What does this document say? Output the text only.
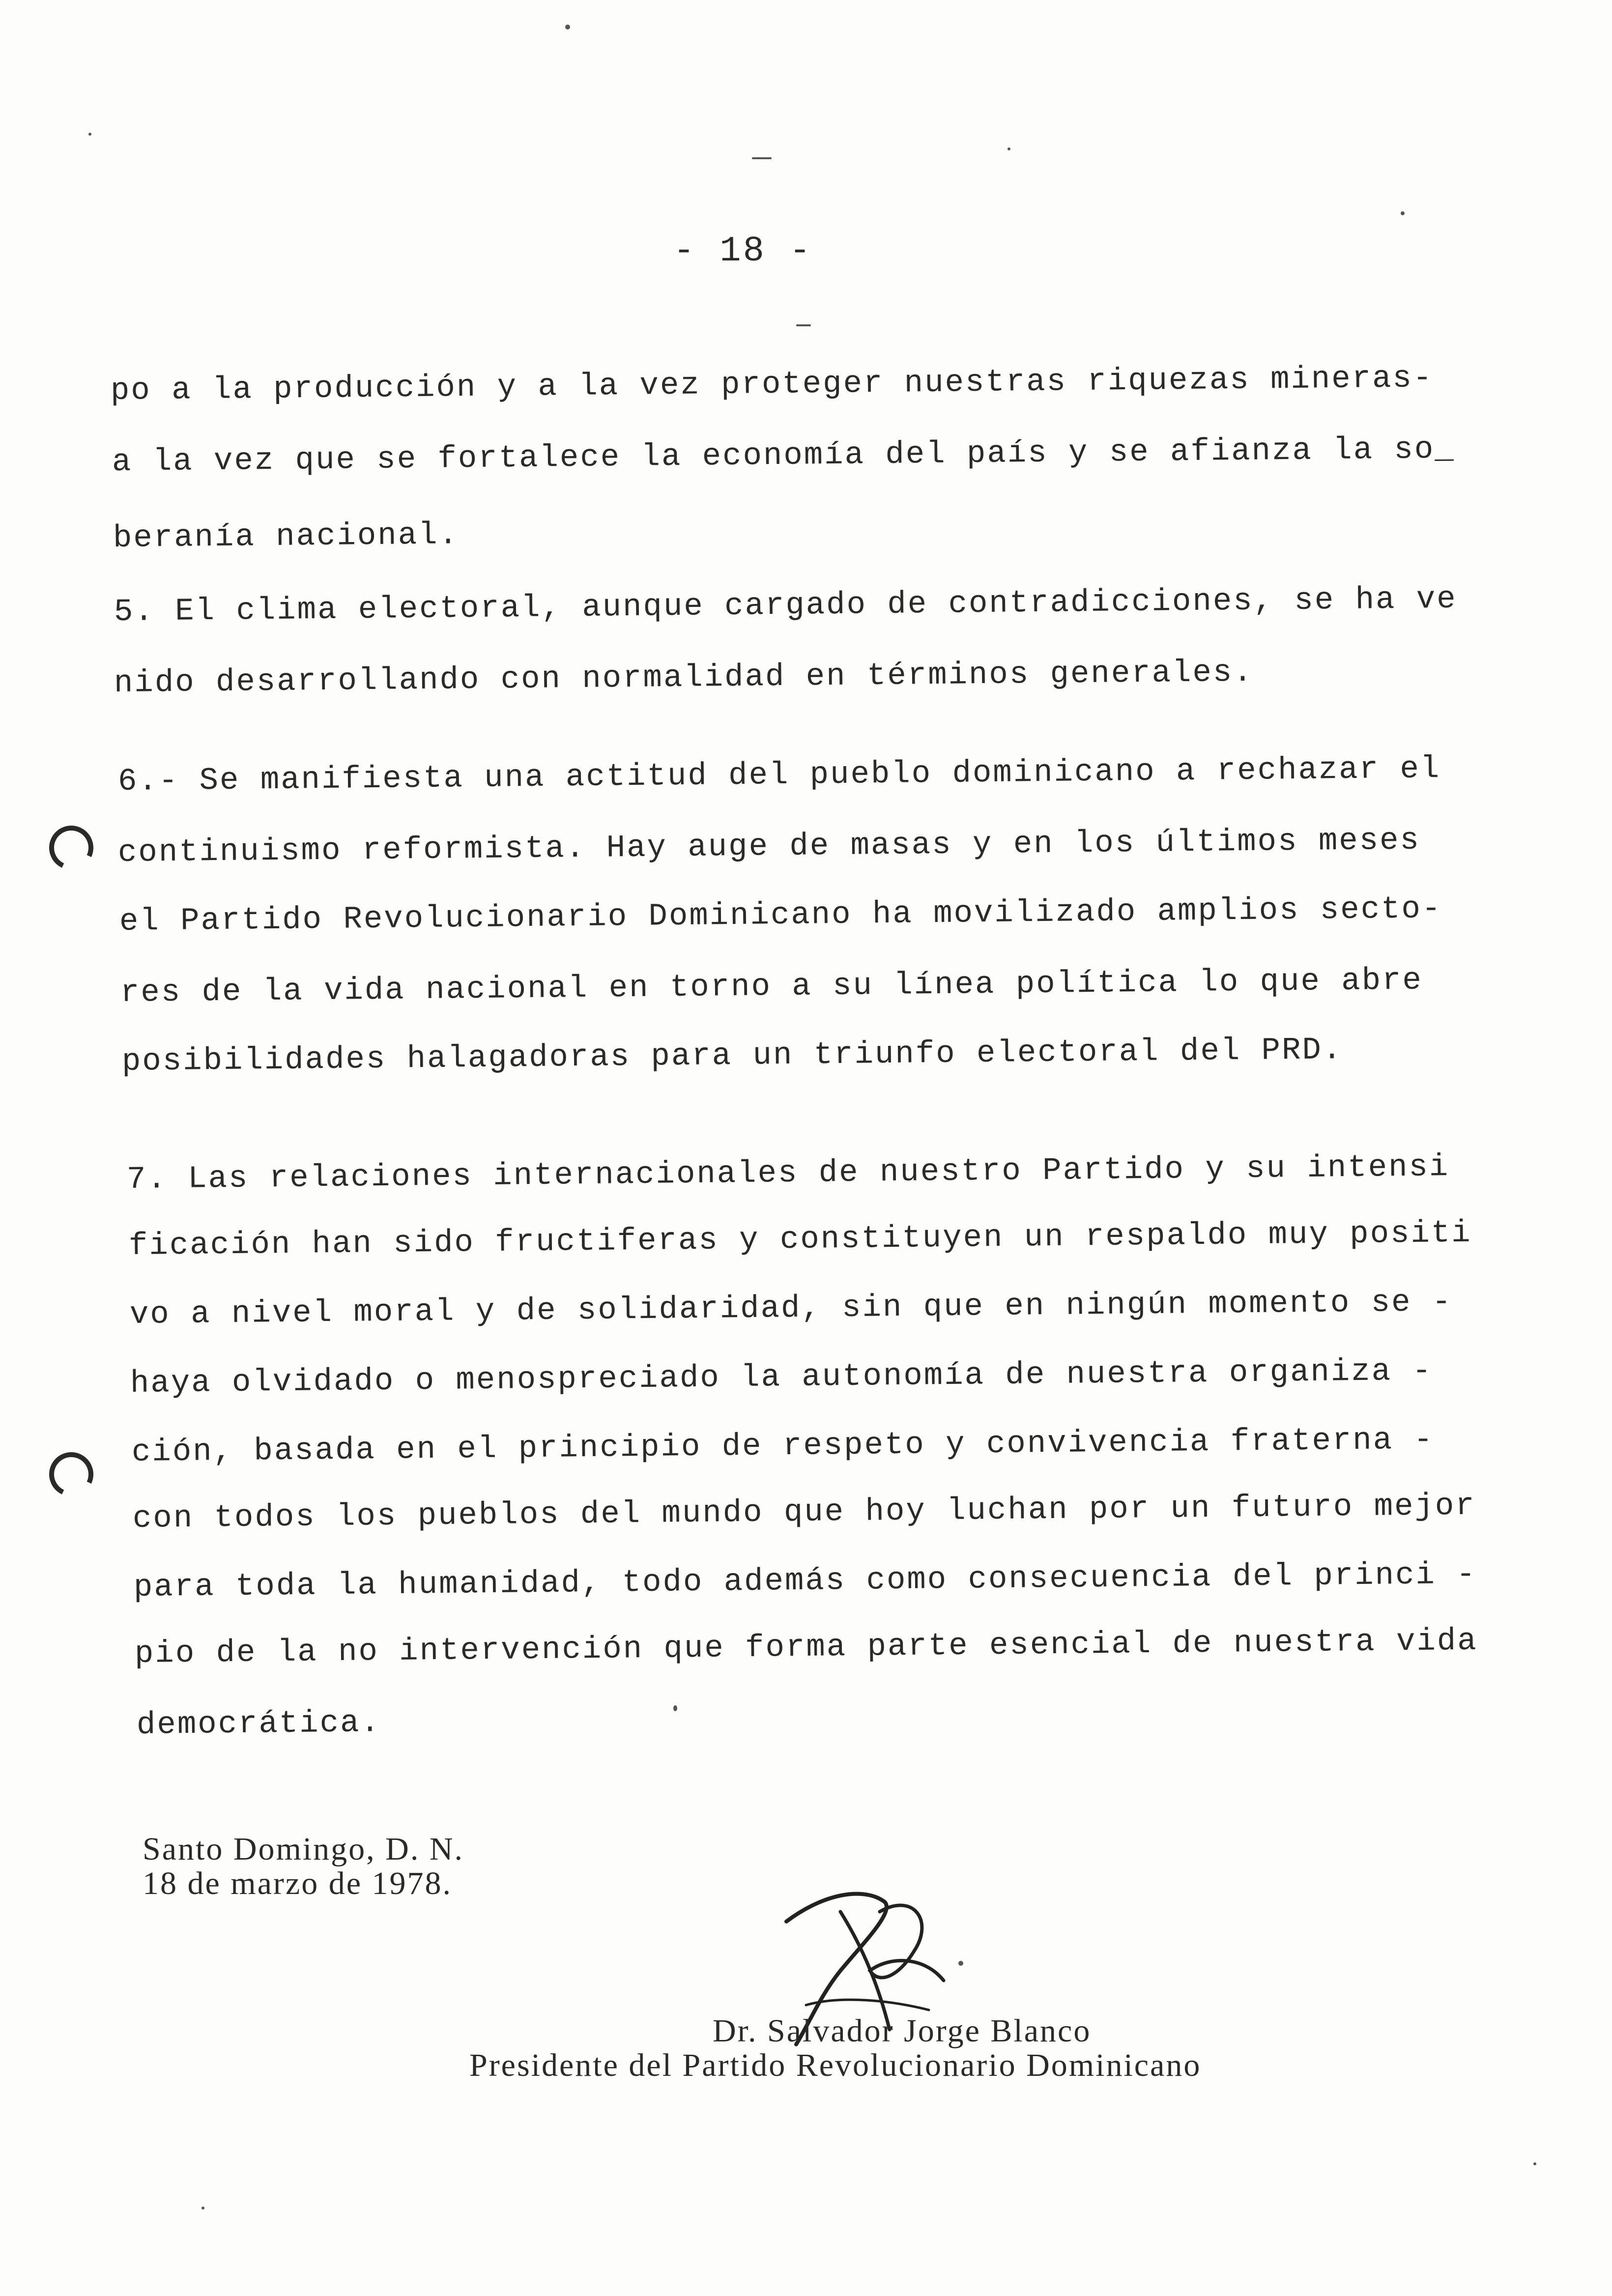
- 18 -
po a la producción y a la vez proteger nuestras riquezas mineras-
a la vez que se fortalece la economía del país y se afianza la so_
beranía nacional.
5. El clima electoral, aunque cargado de contradicciones, se ha ve
nido desarrollando con normalidad en términos generales.
6.- Se manifiesta una actitud del pueblo dominicano a rechazar el
continuismo reformista. Hay auge de masas y en los últimos meses
el Partido Revolucionario Dominicano ha movilizado amplios secto-
res de la vida nacional en torno a su línea política lo que abre
posibilidades halagadoras para un triunfo electoral del PRD.
7. Las relaciones internacionales de nuestro Partido y su intensi
ficación han sido fructiferas y constituyen un respaldo muy positi
vo a nivel moral y de solidaridad, sin que en ningún momento se -
haya olvidado o menospreciado la autonomía de nuestra organiza -
ción, basada en el principio de respeto y convivencia fraterna -
con todos los pueblos del mundo que hoy luchan por un futuro mejor
para toda la humanidad, todo además como consecuencia del princi -
pio de la no intervención que forma parte esencial de nuestra vida
democrática.
Santo Domingo, D. N.
18 de marzo de 1978.
Dr. Salvador Jorge Blanco
Presidente del Partido Revolucionario Dominicano
